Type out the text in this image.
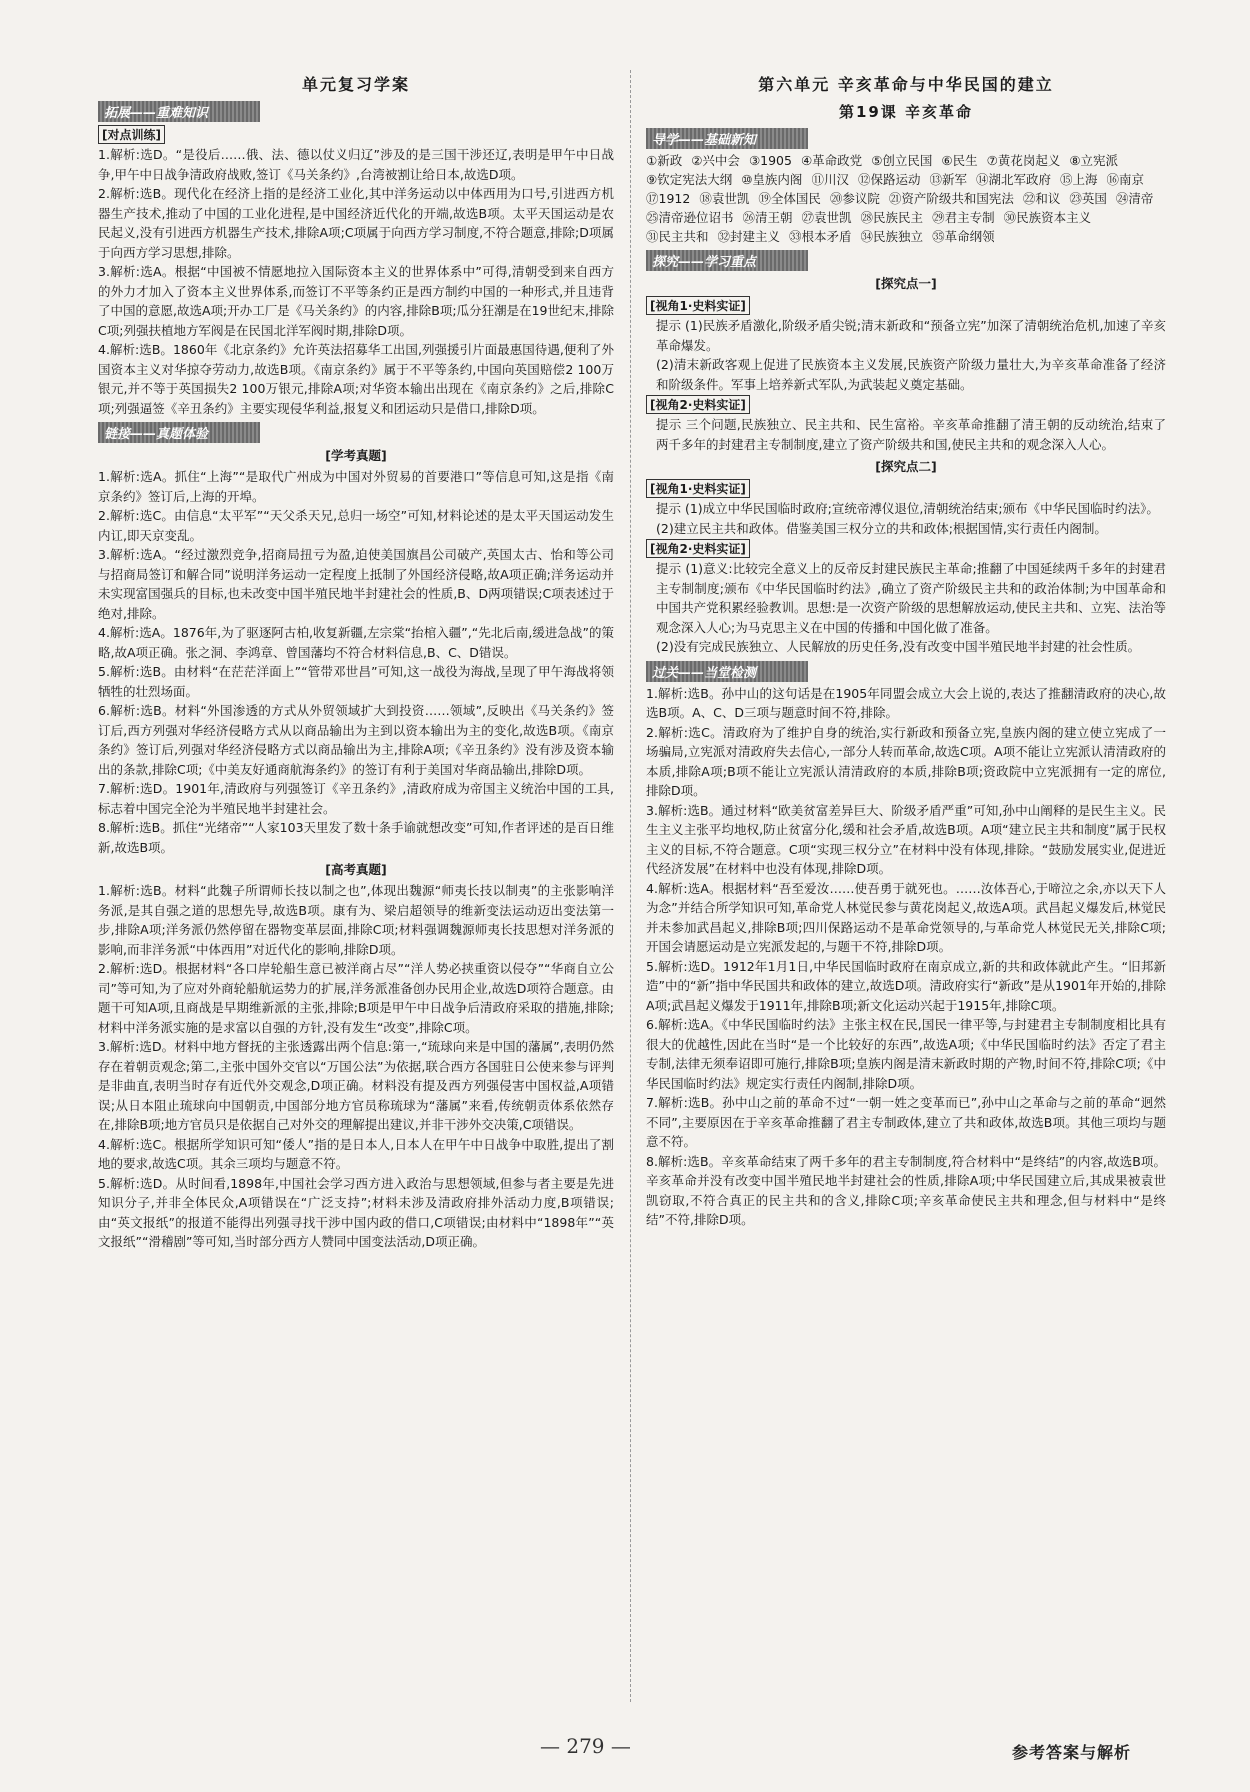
单元复习学案
拓展——重难知识
[对点训练]

1.解析:选D。“是役后……俄、法、德以仗义归辽”涉及的是三国干涉还辽,表明是甲午中日战争,甲午中日战争清政府战败,签订《马关条约》,台湾被割让给日本,故选D项。

2.解析:选B。现代化在经济上指的是经济工业化,其中洋务运动以中体西用为口号,引进西方机器生产技术,推动了中国的工业化进程,是中国经济近代化的开端,故选B项。太平天国运动是农民起义,没有引进西方机器生产技术,排除A项;C项属于向西方学习制度,不符合题意,排除;D项属于向西方学习思想,排除。

3.解析:选A。根据“中国被不情愿地拉入国际资本主义的世界体系中”可得,清朝受到来自西方的外力才加入了资本主义世界体系,而签订不平等条约正是西方制约中国的一种形式,并且违背了中国的意愿,故选A项;开办工厂是《马关条约》的内容,排除B项;瓜分狂潮是在19世纪末,排除C项;列强扶植地方军阀是在民国北洋军阀时期,排除D项。

4.解析:选B。1860年《北京条约》允许英法招募华工出国,列强援引片面最惠国待遇,便利了外国资本主义对华掠夺劳动力,故选B项。《南京条约》属于不平等条约,中国向英国赔偿2 100万银元,并不等于英国损失2 100万银元,排除A项;对华资本输出出现在《南京条约》之后,排除C项;列强逼签《辛丑条约》主要实现侵华利益,报复义和团运动只是借口,排除D项。

链接——真题体验
[学考真题]

1.解析:选A。抓住“上海”“是取代广州成为中国对外贸易的首要港口”等信息可知,这是指《南京条约》签订后,上海的开埠。

2.解析:选C。由信息“太平军”“天父杀天兄,总归一场空”可知,材料论述的是太平天国运动发生内讧,即天京变乱。

3.解析:选A。“经过激烈竞争,招商局扭亏为盈,迫使美国旗昌公司破产,英国太古、怡和等公司与招商局签订和解合同”说明洋务运动一定程度上抵制了外国经济侵略,故A项正确;洋务运动并未实现富国强兵的目标,也未改变中国半殖民地半封建社会的性质,B、D两项错误;C项表述过于绝对,排除。

4.解析:选A。1876年,为了驱逐阿古柏,收复新疆,左宗棠“抬棺入疆”,“先北后南,缓进急战”的策略,故A项正确。张之洞、李鸿章、曾国藩均不符合材料信息,B、C、D错误。

5.解析:选B。由材料“在茫茫洋面上”“管带邓世昌”可知,这一战役为海战,呈现了甲午海战将领牺牲的壮烈场面。

6.解析:选B。材料“外国渗透的方式从外贸领域扩大到投资……领域”,反映出《马关条约》签订后,西方列强对华经济侵略方式从以商品输出为主到以资本输出为主的变化,故选B项。《南京条约》签订后,列强对华经济侵略方式以商品输出为主,排除A项;《辛丑条约》没有涉及资本输出的条款,排除C项;《中美友好通商航海条约》的签订有利于美国对华商品输出,排除D项。

7.解析:选D。1901年,清政府与列强签订《辛丑条约》,清政府成为帝国主义统治中国的工具,标志着中国完全沦为半殖民地半封建社会。

8.解析:选B。抓住“光绪帝”“人家103天里发了数十条手谕就想改变”可知,作者评述的是百日维新,故选B项。

[高考真题]

1.解析:选B。材料“此魏子所谓师长技以制之也”,体现出魏源“师夷长技以制夷”的主张影响洋务派,是其自强之道的思想先导,故选B项。康有为、梁启超领导的维新变法运动迈出变法第一步,排除A项;洋务派仍然停留在器物变革层面,排除C项;材料强调魏源师夷长技思想对洋务派的影响,而非洋务派“中体西用”对近代化的影响,排除D项。

2.解析:选D。根据材料“各口岸轮船生意已被洋商占尽”“洋人势必挟重资以侵夺”“华商自立公司”等可知,为了应对外商轮船航运势力的扩展,洋务派准备创办民用企业,故选D项符合题意。由题干可知A项,且商战是早期维新派的主张,排除;B项是甲午中日战争后清政府采取的措施,排除;材料中洋务派实施的是求富以自强的方针,没有发生“改变”,排除C项。

3.解析:选D。材料中地方督抚的主张透露出两个信息:第一,“琉球向来是中国的藩属”,表明仍然存在着朝贡观念;第二,主张中国外交官以“万国公法”为依据,联合西方各国驻日公使来参与评判是非曲直,表明当时存有近代外交观念,D项正确。材料没有提及西方列强侵害中国权益,A项错误;从日本阻止琉球向中国朝贡,中国部分地方官员称琉球为“藩属”来看,传统朝贡体系依然存在,排除B项;地方官员只是依据自己对外交的理解提出建议,并非干涉外交决策,C项错误。

4.解析:选C。根据所学知识可知“倭人”指的是日本人,日本人在甲午中日战争中取胜,提出了割地的要求,故选C项。其余三项均与题意不符。

5.解析:选D。从时间看,1898年,中国社会学习西方进入政治与思想领域,但参与者主要是先进知识分子,并非全体民众,A项错误在“广泛支持”;材料未涉及清政府排外活动力度,B项错误;由“英文报纸”的报道不能得出列强寻找干涉中国内政的借口,C项错误;由材料中“1898年”“英文报纸”“滑稽剧”等可知,当时部分西方人赞同中国变法活动,D项正确。

第六单元 辛亥革命与中华民国的建立
第19课 辛亥革命
导学——基础新知
①新政 ②兴中会 ③1905 ④革命政党 ⑤创立民国 ⑥民生 ⑦黄花岗起义 ⑧立宪派
⑨钦定宪法大纲 ⑩皇族内阁 ⑪川汉 ⑫保路运动 ⑬新军 ⑭湖北军政府 ⑮上海 ⑯南京
⑰1912 ⑱袁世凯 ⑲全体国民 ⑳参议院 ㉑资产阶级共和国宪法 ㉒和议 ㉓英国 ㉔清帝
㉕清帝逊位诏书 ㉖清王朝 ㉗袁世凯 ㉘民族民主 ㉙君主专制 ㉚民族资本主义
㉛民主共和 ㉜封建主义 ㉝根本矛盾 ㉞民族独立 ㉟革命纲领
探究——学习重点
[探究点一]
[视角1·史料实证]

提示 (1)民族矛盾激化,阶级矛盾尖锐;清末新政和“预备立宪”加深了清朝统治危机,加速了辛亥革命爆发。

(2)清末新政客观上促进了民族资本主义发展,民族资产阶级力量壮大,为辛亥革命准备了经济和阶级条件。军事上培养新式军队,为武装起义奠定基础。

[视角2·史料实证]

提示 三个问题,民族独立、民主共和、民生富裕。辛亥革命推翻了清王朝的反动统治,结束了两千多年的封建君主专制制度,建立了资产阶级共和国,使民主共和的观念深入人心。

[探究点二]
[视角1·史料实证]

提示 (1)成立中华民国临时政府;宣统帝溥仪退位,清朝统治结束;颁布《中华民国临时约法》。

(2)建立民主共和政体。借鉴美国三权分立的共和政体;根据国情,实行责任内阁制。

[视角2·史料实证]

提示 (1)意义:比较完全意义上的反帝反封建民族民主革命;推翻了中国延续两千多年的封建君主专制制度;颁布《中华民国临时约法》,确立了资产阶级民主共和的政治体制;为中国革命和中国共产党积累经验教训。思想:是一次资产阶级的思想解放运动,使民主共和、立宪、法治等观念深入人心;为马克思主义在中国的传播和中国化做了准备。

(2)没有完成民族独立、人民解放的历史任务,没有改变中国半殖民地半封建的社会性质。

过关——当堂检测

1.解析:选B。孙中山的这句话是在1905年同盟会成立大会上说的,表达了推翻清政府的决心,故选B项。A、C、D三项与题意时间不符,排除。

2.解析:选C。清政府为了维护自身的统治,实行新政和预备立宪,皇族内阁的建立使立宪成了一场骗局,立宪派对清政府失去信心,一部分人转而革命,故选C项。A项不能让立宪派认清清政府的本质,排除A项;B项不能让立宪派认清清政府的本质,排除B项;资政院中立宪派拥有一定的席位,排除D项。

3.解析:选B。通过材料“欧美贫富差异巨大、阶级矛盾严重”可知,孙中山阐释的是民生主义。民生主义主张平均地权,防止贫富分化,缓和社会矛盾,故选B项。A项“建立民主共和制度”属于民权主义的目标,不符合题意。C项“实现三权分立”在材料中没有体现,排除。“鼓励发展实业,促进近代经济发展”在材料中也没有体现,排除D项。

4.解析:选A。根据材料“吾至爱汝……使吾勇于就死也。……汝体吾心,于啼泣之余,亦以天下人为念”并结合所学知识可知,革命党人林觉民参与黄花岗起义,故选A项。武昌起义爆发后,林觉民并未参加武昌起义,排除B项;四川保路运动不是革命党领导的,与革命党人林觉民无关,排除C项;开国会请愿运动是立宪派发起的,与题干不符,排除D项。

5.解析:选D。1912年1月1日,中华民国临时政府在南京成立,新的共和政体就此产生。“旧邦新造”中的“新”指中华民国共和政体的建立,故选D项。清政府实行“新政”是从1901年开始的,排除A项;武昌起义爆发于1911年,排除B项;新文化运动兴起于1915年,排除C项。

6.解析:选A。《中华民国临时约法》主张主权在民,国民一律平等,与封建君主专制制度相比具有很大的优越性,因此在当时“是一个比较好的东西”,故选A项;《中华民国临时约法》否定了君主专制,法律无须奉诏即可施行,排除B项;皇族内阁是清末新政时期的产物,时间不符,排除C项;《中华民国临时约法》规定实行责任内阁制,排除D项。

7.解析:选B。孙中山之前的革命不过“一朝一姓之变革而已”,孙中山之革命与之前的革命“迥然不同”,主要原因在于辛亥革命推翻了君主专制政体,建立了共和政体,故选B项。其他三项均与题意不符。

8.解析:选B。辛亥革命结束了两千多年的君主专制制度,符合材料中“是终结”的内容,故选B项。辛亥革命并没有改变中国半殖民地半封建社会的性质,排除A项;中华民国建立后,其成果被袁世凯窃取,不符合真正的民主共和的含义,排除C项;辛亥革命使民主共和理念,但与材料中“是终结”不符,排除D项。

— 279 —	参考答案与解析
